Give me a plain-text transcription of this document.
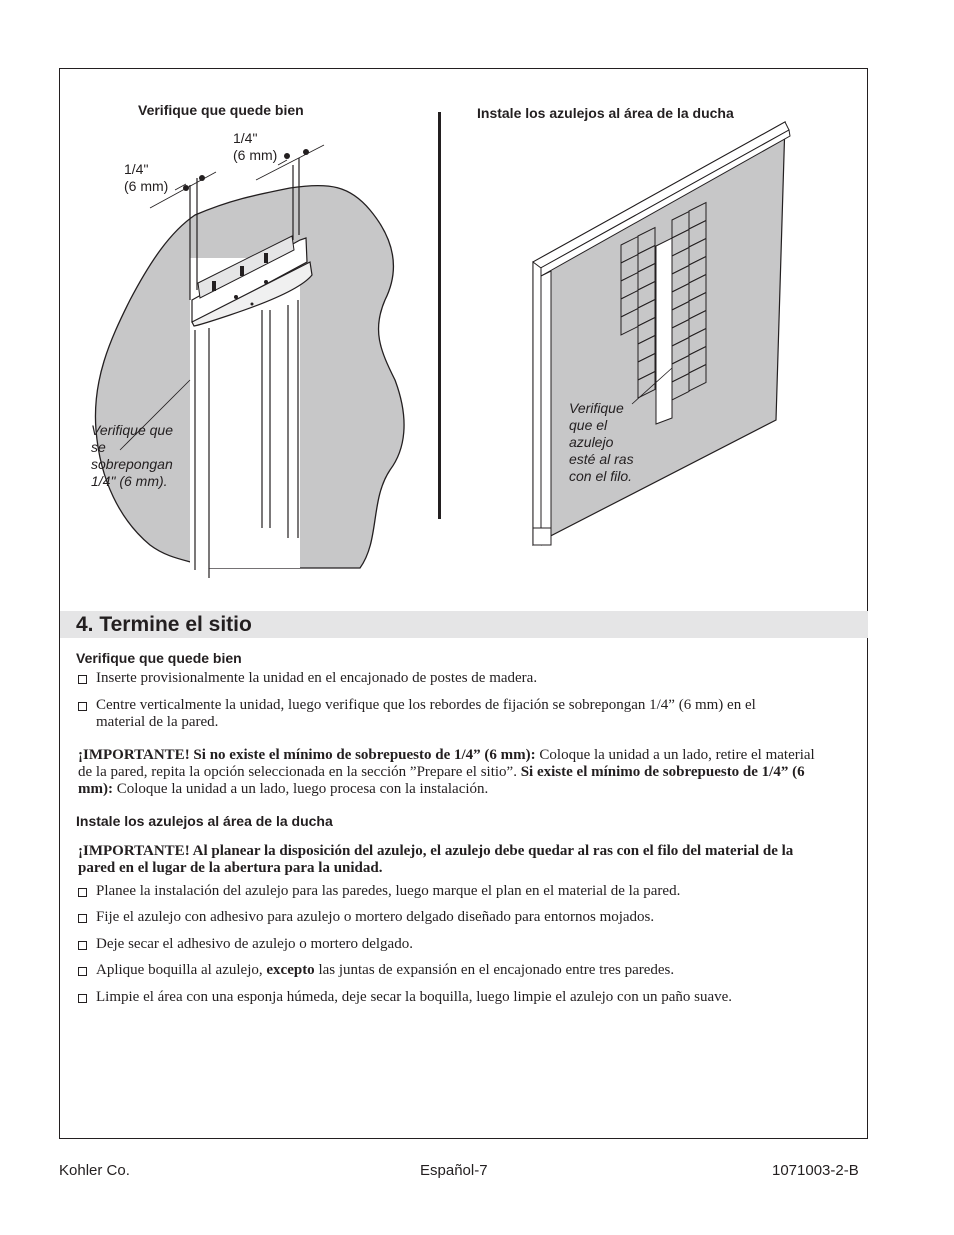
Verifique que quede bien
1/4"
(6 mm)
1/4"
(6 mm)
Verifique que
se
sobrepongan
1/4" (6 mm).
Instale los azulejos al área de la ducha
Verifique
que el
azulejo
esté al ras
con el filo.
4. Termine el sitio
Verifique que quede bien
Inserte provisionalmente la unidad en el encajonado de postes de madera.
Centre verticalmente la unidad, luego verifique que los rebordes de fijación se sobrepongan 1/4” (6 mm) en el material de la pared.
¡IMPORTANTE! Si no existe el mínimo de sobrepuesto de 1/4” (6 mm): Coloque la unidad a un lado, retire el material de la pared, repita la opción seleccionada en la sección ”Prepare el sitio”. Si existe el mínimo de sobrepuesto de 1/4” (6 mm): Coloque la unidad a un lado, luego procesa con la instalación.
Instale los azulejos al área de la ducha
¡IMPORTANTE! Al planear la disposición del azulejo, el azulejo debe quedar al ras con el filo del material de la pared en el lugar de la abertura para la unidad.
Planee la instalación del azulejo para las paredes, luego marque el plan en el material de la pared.
Fije el azulejo con adhesivo para azulejo o mortero delgado diseñado para entornos mojados.
Deje secar el adhesivo de azulejo o mortero delgado.
Aplique boquilla al azulejo, excepto las juntas de expansión en el encajonado entre tres paredes.
Limpie el área con una esponja húmeda, deje secar la boquilla, luego limpie el azulejo con un paño suave.
Kohler Co.	Español-7	1071003-2-B
